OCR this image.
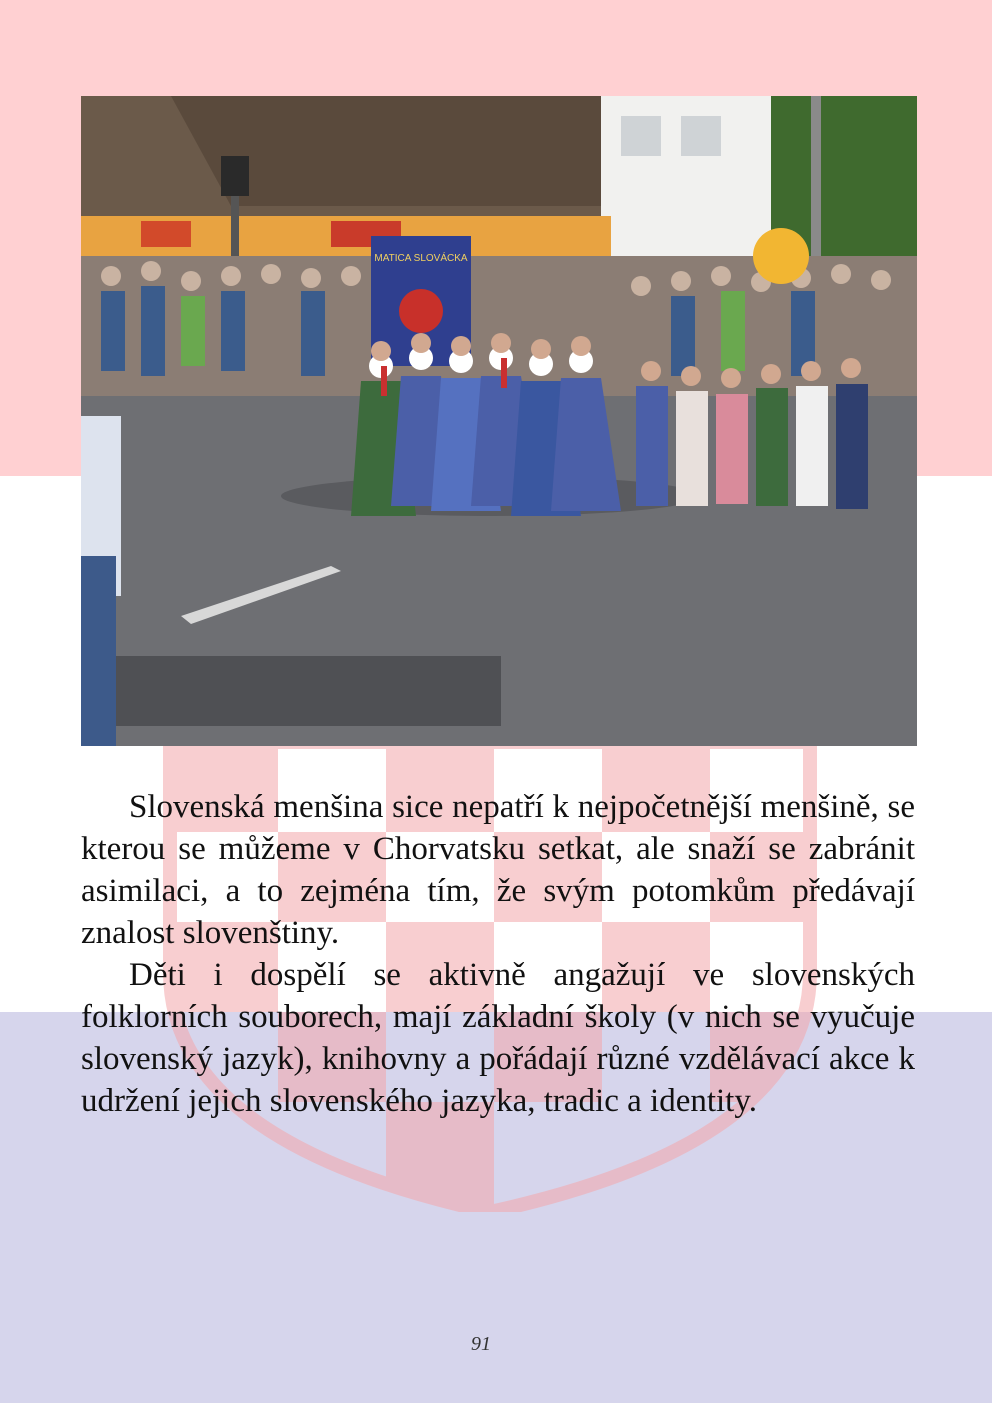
MATICA SLOVÁCKA

Slovenská menšina sice nepatří k nejpočetnější menšině, se kterou se můžeme v Chorvatsku setkat, ale snaží se zabránit asimilaci, a to zejména tím, že svým potomkům předávají znalost slovenštiny.

Děti i dospělí se aktivně angažují ve slovenských folklorních souborech, mají základní školy (v nich se vyučuje slovenský jazyk), knihovny a pořádají různé vzdělávací akce k udržení jejich slovenského jazyka, tradic a identity.

91
